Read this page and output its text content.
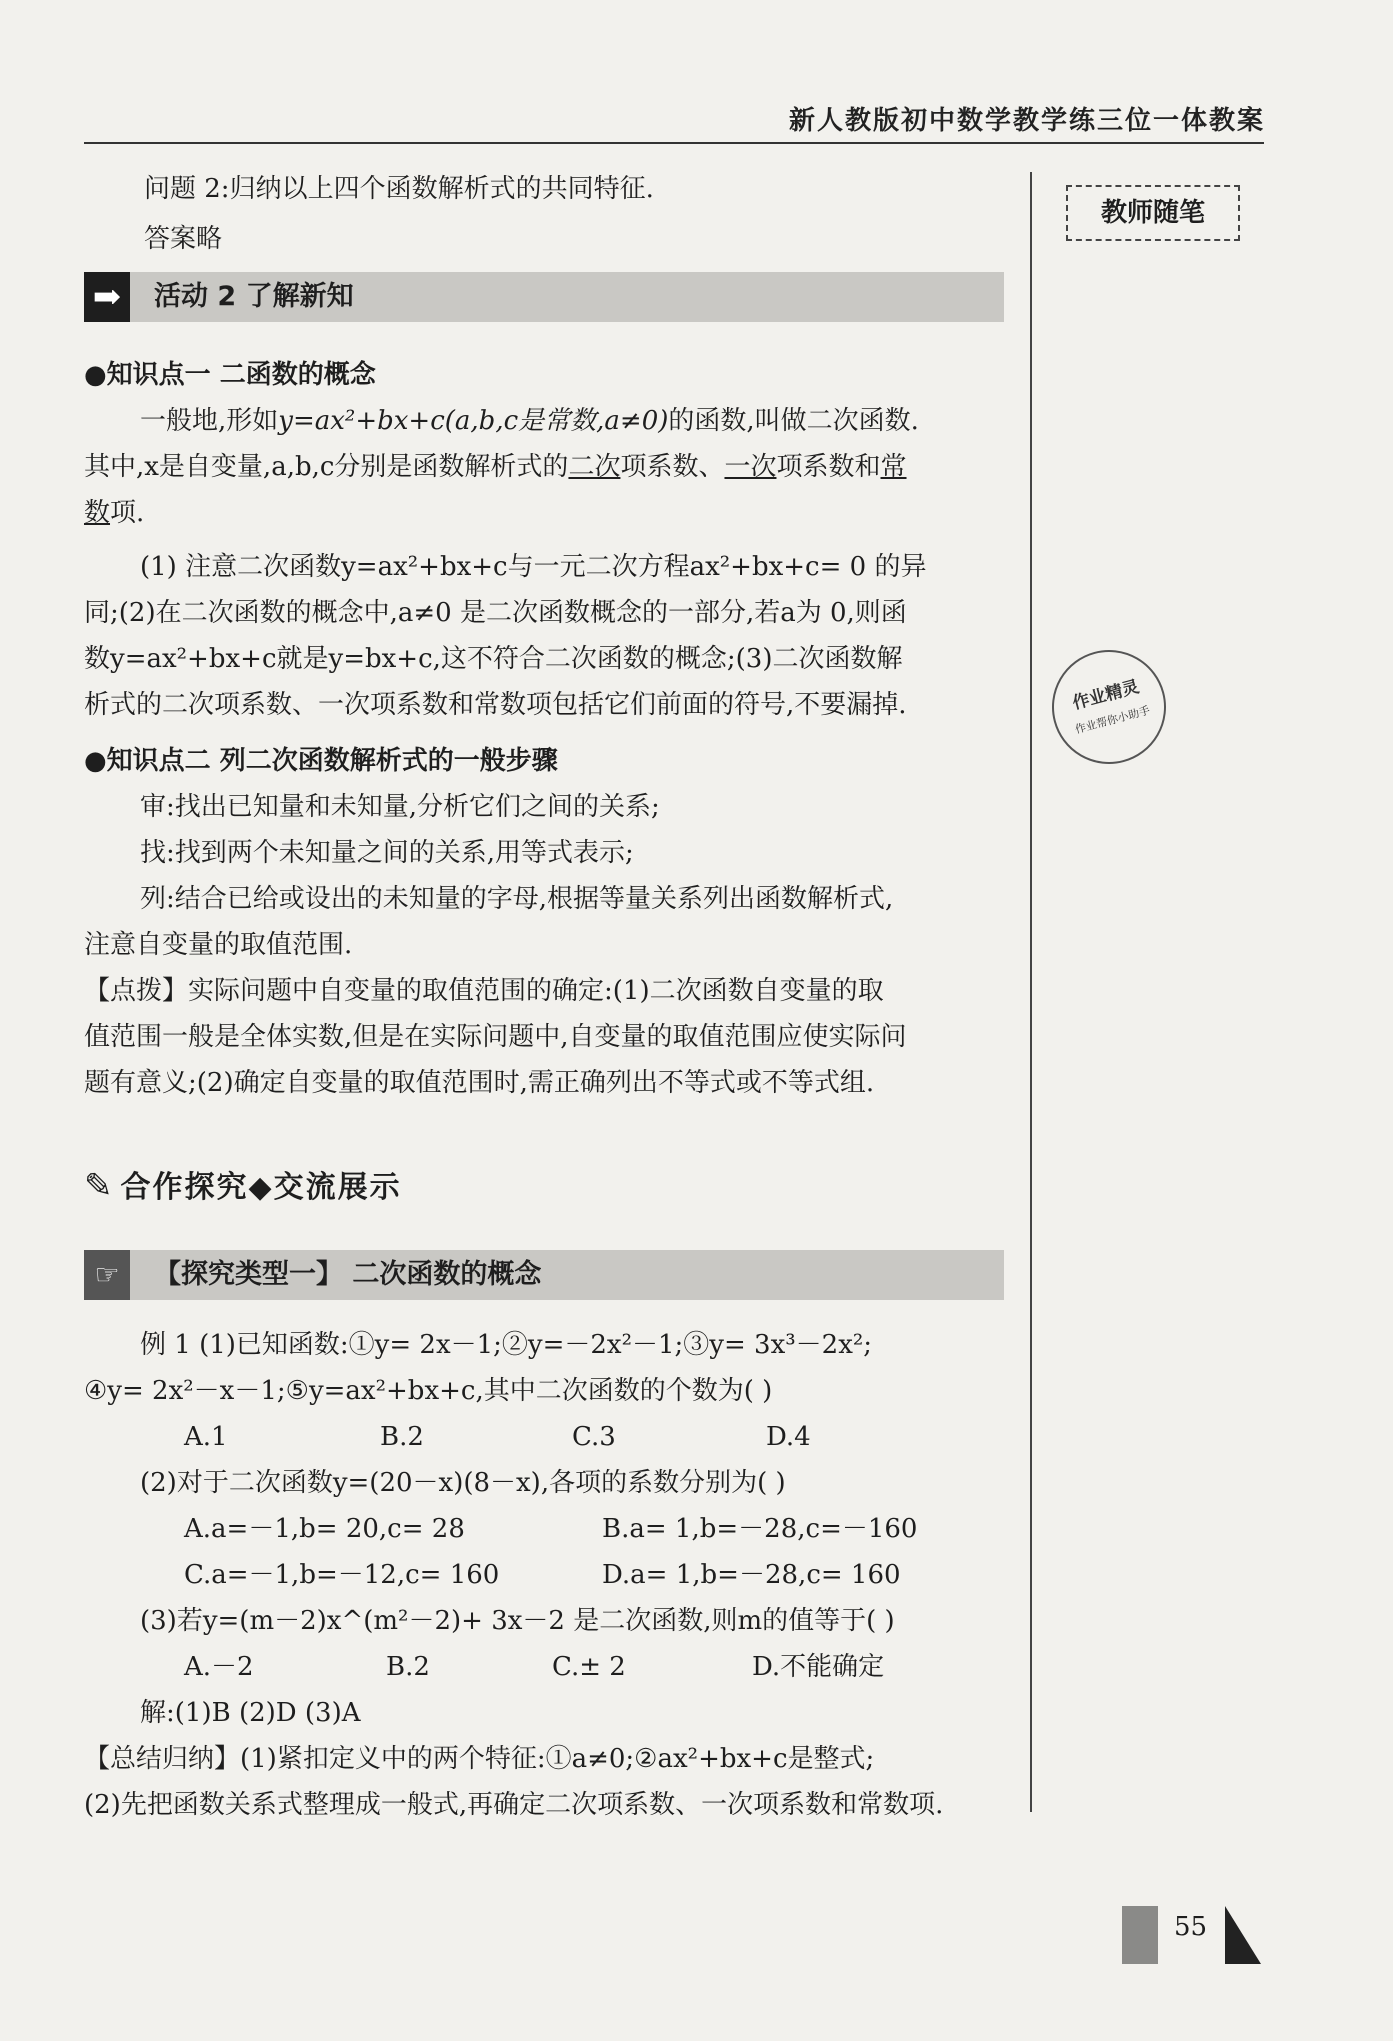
新人教版初中数学教学练三位一体教案
教师随笔
作业精灵
作业帮你小助手
问题 2:归纳以上四个函数解析式的共同特征.
答案略
➡	活动 2 了解新知
●知识点一 二函数的概念
一般地,形如y=ax²+bx+c(a,b,c是常数,a≠0)的函数,叫做二次函数.
其中,x是自变量,a,b,c分别是函数解析式的二次项系数、一次项系数和常
数项.
(1) 注意二次函数y=ax²+bx+c与一元二次方程ax²+bx+c= 0 的异
同;(2)在二次函数的概念中,a≠0 是二次函数概念的一部分,若a为 0,则函
数y=ax²+bx+c就是y=bx+c,这不符合二次函数的概念;(3)二次函数解
析式的二次项系数、一次项系数和常数项包括它们前面的符号,不要漏掉.
●知识点二 列二次函数解析式的一般步骤
审:找出已知量和未知量,分析它们之间的关系;
找:找到两个未知量之间的关系,用等式表示;
列:结合已给或设出的未知量的字母,根据等量关系列出函数解析式,
注意自变量的取值范围.
【点拨】实际问题中自变量的取值范围的确定:(1)二次函数自变量的取
值范围一般是全体实数,但是在实际问题中,自变量的取值范围应使实际问
题有意义;(2)确定自变量的取值范围时,需正确列出不等式或不等式组.
✎ 合作探究◆交流展示
☞	【探究类型一】 二次函数的概念
例 1 (1)已知函数:①y= 2x－1;②y=－2x²－1;③y= 3x³－2x²;
④y= 2x²－x－1;⑤y=ax²+bx+c,其中二次函数的个数为( )
A.1	B.2	C.3	D.4
(2)对于二次函数y=(20－x)(8－x),各项的系数分别为( )
A.a=－1,b= 20,c= 28	B.a= 1,b=－28,c=－160
C.a=－1,b=－12,c= 160	D.a= 1,b=－28,c= 160
(3)若y=(m－2)x^(m²－2)+ 3x－2 是二次函数,则m的值等于( )
A.－2	B.2	C.± 2	D.不能确定
解:(1)B (2)D (3)A
【总结归纳】(1)紧扣定义中的两个特征:①a≠0;②ax²+bx+c是整式;
(2)先把函数关系式整理成一般式,再确定二次项系数、一次项系数和常数项.
55
